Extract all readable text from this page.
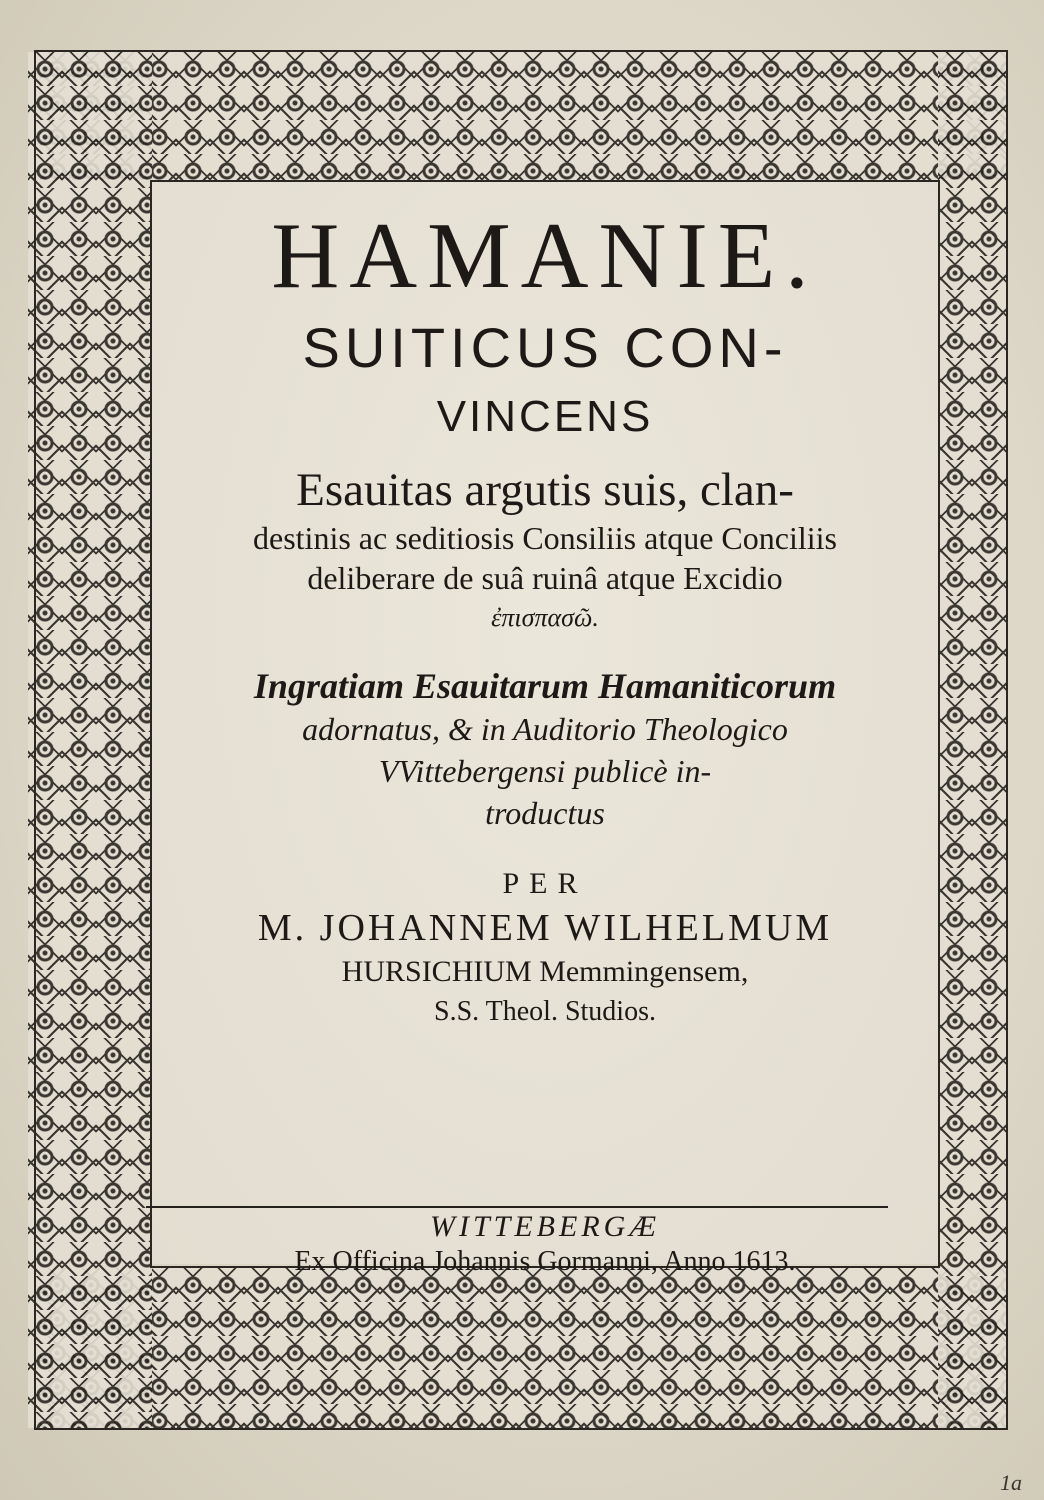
HAMANIE.

SUITICUS CON-

VINCENS

Esauitas argutis suis, clan-

destinis ac seditiosis Consiliis atque Conciliis

deliberare de suâ ruinâ atque Excidio

ἐπισπασῶ.

Ingratiam Esauitarum Hamaniticorum

adornatus, & in Auditorio Theologico

VVittebergensi publicè in-

troductus

PER

M. JOHANNEM WILHELMUM

HURSICHIUM Memmingensem,

S.S. Theol. Studios.

WITTEBERGÆ

Ex Officina Johannis Gormanni, Anno 1613.

1a
